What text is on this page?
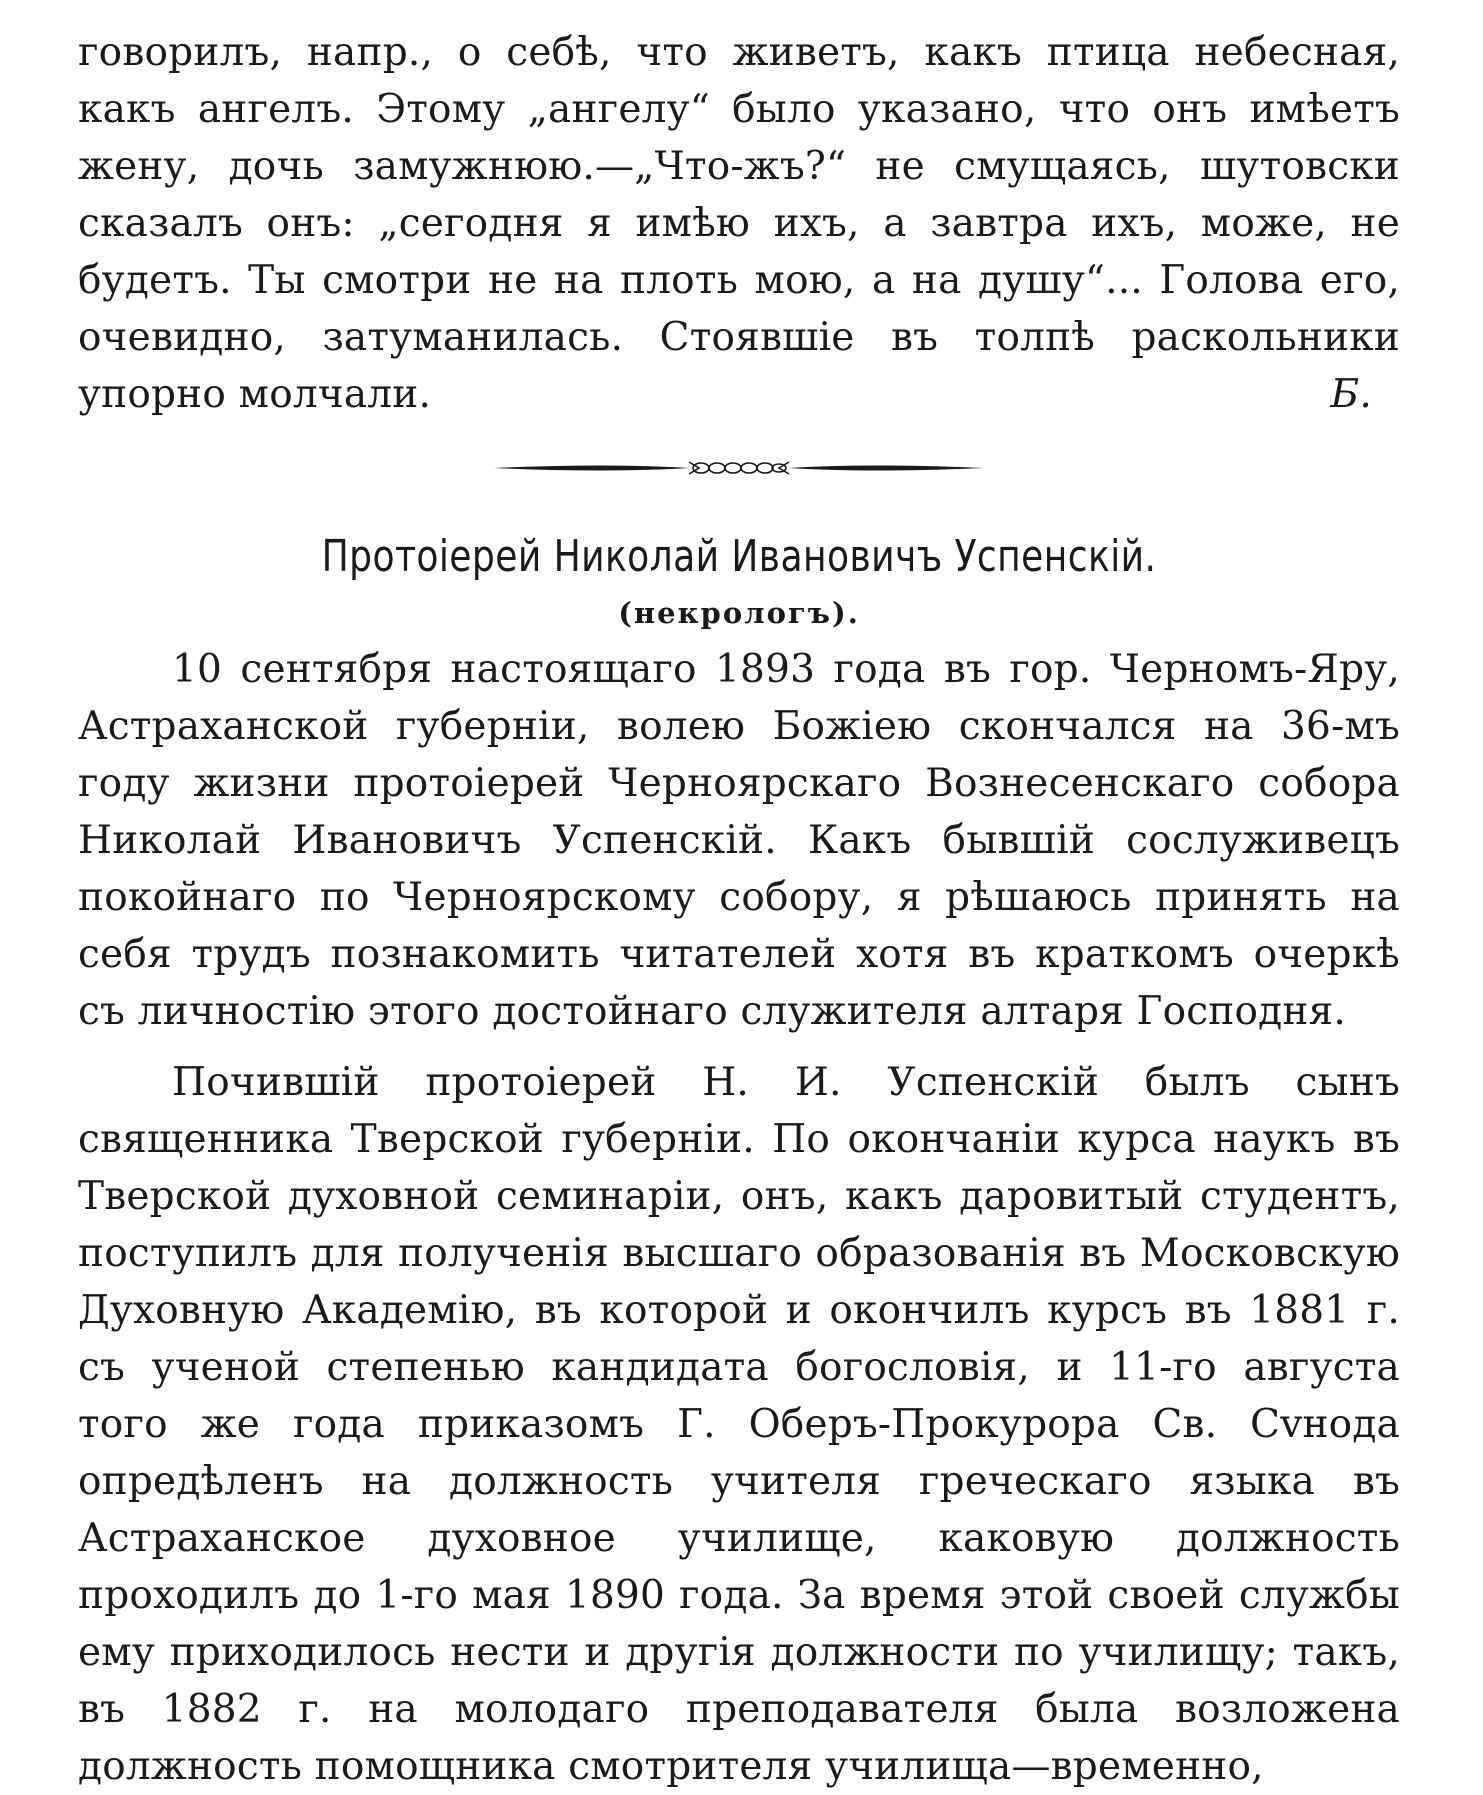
говорилъ, напр., о себѣ, что живетъ, какъ птица небесная, какъ ангелъ. Этому „ангелу“ было указано, что онъ имѣетъ жену, дочь замужнюю.—„Что-жъ?“ не смущаясь, шутовски сказалъ онъ: „сегодня я имѣю ихъ, а завтра ихъ, може, не будетъ. Ты смотри не на плоть мою, а на душу“... Голова его, очевидно, затуманилась. Стоявшіе въ толпѣ раскольники упорно молчали.	Б.

Протоіерей Николай Ивановичъ Успенскій.
(некрологъ).

10 сентября настоящаго 1893 года въ гор. Черномъ-Яру, Астраханской губерніи, волею Божіею скончался на 36-мъ году жизни протоіерей Черноярскаго Вознесенскаго собора Николай Ивановичъ Успенскій. Какъ бывшій сослуживецъ покойнаго по Черноярскому собору, я рѣшаюсь принять на себя трудъ познакомить читателей хотя въ краткомъ очеркѣ съ личностію этого достойнаго служителя алтаря Господня.

Почившій протоіерей Н. И. Успенскій былъ сынъ священника Тверской губерніи. По окончаніи курса наукъ въ Тверской духовной семинаріи, онъ, какъ даровитый студентъ, поступилъ для полученія высшаго образованія въ Московскую Духовную Академію, въ которой и окончилъ курсъ въ 1881 г. съ ученой степенью кандидата богословія, и 11-го августа того же года приказомъ Г. Оберъ-Прокурора Св. Сvнода опредѣленъ на должность учителя греческаго языка въ Астраханское духовное училище, каковую должность проходилъ до 1-го мая 1890 года. За время этой своей службы ему приходилось нести и другія должности по училищу; такъ, въ 1882 г. на молодаго преподавателя была возложена должность помощника смотрителя училища—временно,
